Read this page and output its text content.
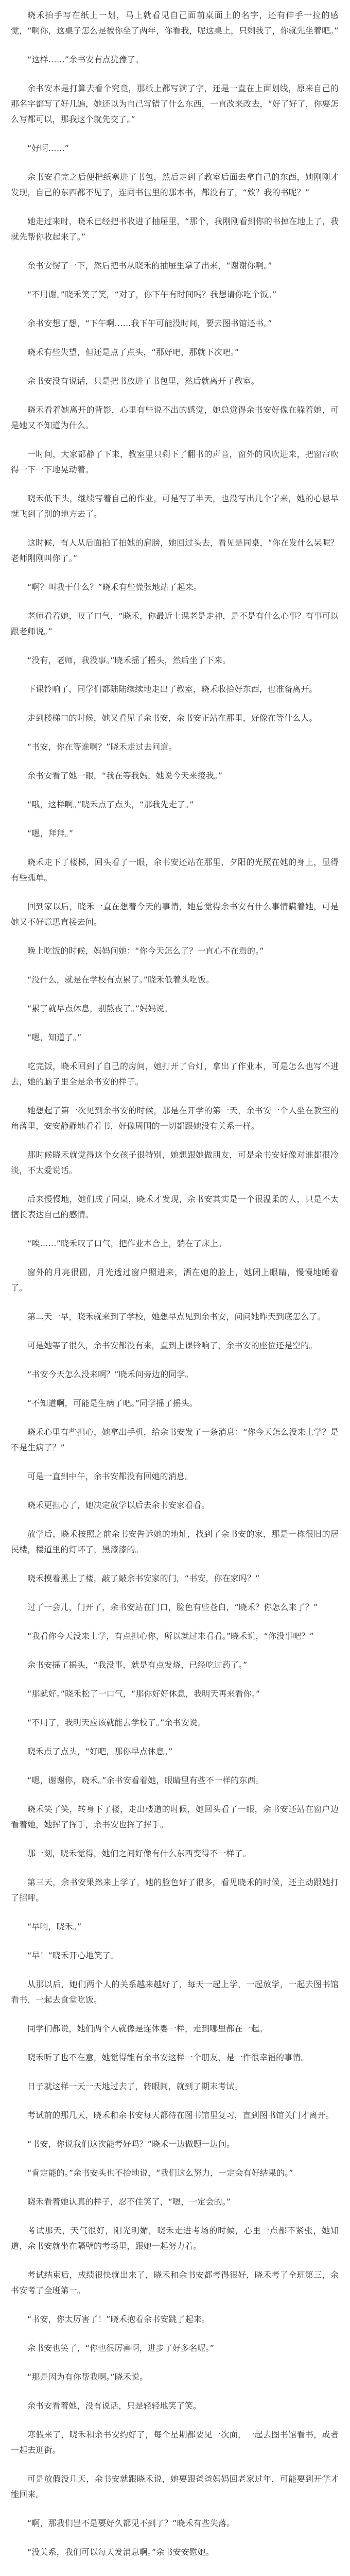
晓禾抬手写在纸上一划，马上就看见自己面前桌面上的名字，还有伸手一拉的感觉，“啊你，这桌子怎么是被你坐了两年，你看我，呢这桌上，只剩我了，你就先坐着吧。”

“这样……”余书安有点犹豫了。

余书安本是打算去看个究竟，那纸上都写满了字，还是一直在上面划线，原来自己的那名字都写了好几遍，她还以为自己写错了什么东西，一直改来改去，“好了好了，你要怎么写都可以，那我这个就先交了。”

“好啊……”

余书安看完之后便把纸塞进了书包，然后走到了教室后面去拿自己的东西，她刚刚才发现，自己的东西都不见了，连同书包里的那本书，都没有了，“欸？我的书呢？”

她走过来时，晓禾已经把书收进了抽屉里，“那个，我刚刚看到你的书掉在地上了，我就先帮你收起来了。”

余书安愣了一下，然后把书从晓禾的抽屉里拿了出来，“谢谢你啊。”

“不用谢。”晓禾笑了笑，“对了，你下午有时间吗？我想请你吃个饭。”

余书安想了想，“下午啊……我下午可能没时间，要去图书馆还书。”

晓禾有些失望，但还是点了点头，“那好吧，那就下次吧。”

余书安没有说话，只是把书放进了书包里，然后就离开了教室。

晓禾看着她离开的背影，心里有些说不出的感觉，她总觉得余书安好像在躲着她，可是她又不知道为什么。

一时间，大家都静了下来，教室里只剩下了翻书的声音，窗外的风吹进来，把窗帘吹得一下一下地晃动着。

晓禾低下头，继续写着自己的作业，可是写了半天，也没写出几个字来，她的心思早就飞到了别的地方去了。

这时候，有人从后面拍了拍她的肩膀，她回过头去，看见是同桌，“你在发什么呆呢？老师刚刚叫你了。”

“啊？叫我干什么？”晓禾有些慌张地站了起来。

老师看着她，叹了口气，“晓禾，你最近上课老是走神，是不是有什么心事？有事可以跟老师说。”

“没有，老师，我没事。”晓禾摇了摇头，然后坐了下来。

下课铃响了，同学们都陆陆续续地走出了教室，晓禾收拾好东西，也准备离开。

走到楼梯口的时候，她又看见了余书安，余书安正站在那里，好像在等什么人。

“书安，你在等谁啊？”晓禾走过去问道。

余书安看了她一眼，“我在等我妈，她说今天来接我。”

“哦，这样啊。”晓禾点了点头，“那我先走了。”

“嗯，拜拜。”

晓禾走下了楼梯，回头看了一眼，余书安还站在那里，夕阳的光照在她的身上，显得有些孤单。

回到家以后，晓禾一直在想着今天的事情，她总觉得余书安有什么事情瞒着她，可是她又不好意思直接去问。

晚上吃饭的时候，妈妈问她：“你今天怎么了？一直心不在焉的。”

“没什么，就是在学校有点累了。”晓禾低着头吃饭。

“累了就早点休息，别熬夜了。”妈妈说。

“嗯，知道了。”

吃完饭，晓禾回到了自己的房间，她打开了台灯，拿出了作业本，可是怎么也写不进去，她的脑子里全是余书安的样子。

她想起了第一次见到余书安的时候，那是在开学的第一天，余书安一个人坐在教室的角落里，安安静静地看着书，好像周围的一切都跟她没有关系一样。

那时候晓禾就觉得这个女孩子很特别，她想跟她做朋友，可是余书安好像对谁都很冷淡，不太爱说话。

后来慢慢地，她们成了同桌，晓禾才发现，余书安其实是一个很温柔的人，只是不太擅长表达自己的感情。

“唉……”晓禾叹了口气，把作业本合上，躺在了床上。

窗外的月亮很圆，月光透过窗户照进来，洒在她的脸上，她闭上眼睛，慢慢地睡着了。

第二天一早，晓禾就来到了学校，她想早点见到余书安，问问她昨天到底怎么了。

可是她等了很久，余书安都没有来，直到上课铃响了，余书安的座位还是空的。

“书安今天怎么没来啊？”晓禾问旁边的同学。

“不知道啊，可能是生病了吧。”同学摇了摇头。

晓禾心里有些担心，她拿出手机，给余书安发了一条消息：“你今天怎么没来上学？是不是生病了？”

可是一直到中午，余书安都没有回她的消息。

晓禾更担心了，她决定放学以后去余书安家看看。

放学后，晓禾按照之前余书安告诉她的地址，找到了余书安的家，那是一栋很旧的居民楼，楼道里的灯坏了，黑漆漆的。

晓禾摸着黑上了楼，敲了敲余书安家的门，“书安，你在家吗？”

过了一会儿，门开了，余书安站在门口，脸色有些苍白，“晓禾？你怎么来了？”

“我看你今天没来上学，有点担心你，所以就过来看看。”晓禾说，“你没事吧？”

余书安摇了摇头，“我没事，就是有点发烧，已经吃过药了。”

“那就好。”晓禾松了一口气，“那你好好休息，我明天再来看你。”

“不用了，我明天应该就能去学校了。”余书安说。

晓禾点了点头，“好吧，那你早点休息。”

“嗯，谢谢你，晓禾。”余书安看着她，眼睛里有些不一样的东西。

晓禾笑了笑，转身下了楼，走出楼道的时候，她回头看了一眼，余书安还站在窗户边看着她，她挥了挥手，余书安也挥了挥手。

那一刻，晓禾觉得，她们之间好像有什么东西变得不一样了。

第三天，余书安果然来上学了，她的脸色好了很多，看见晓禾的时候，还主动跟她打了招呼。

“早啊，晓禾。”

“早！”晓禾开心地笑了。

从那以后，她们两个人的关系越来越好了，每天一起上学，一起放学，一起去图书馆看书，一起去食堂吃饭。

同学们都说，她们两个人就像是连体婴一样，走到哪里都在一起。

晓禾听了也不在意，她觉得能有余书安这样一个朋友，是一件很幸福的事情。

日子就这样一天一天地过去了，转眼间，就到了期末考试。

考试前的那几天，晓禾和余书安每天都待在图书馆里复习，直到图书馆关门才离开。

“书安，你说我们这次能考好吗？”晓禾一边做题一边问。

“肯定能的。”余书安头也不抬地说，“我们这么努力，一定会有好结果的。”

晓禾看着她认真的样子，忍不住笑了，“嗯，一定会的。”

考试那天，天气很好，阳光明媚，晓禾走进考场的时候，心里一点都不紧张，她知道，余书安就坐在隔壁的考场里，跟她一起努力着。

考试结束后，成绩很快就出来了，晓禾和余书安都考得很好，晓禾考了全班第三，余书安考了全班第一。

“书安，你太厉害了！”晓禾抱着余书安跳了起来。

余书安也笑了，“你也很厉害啊，进步了好多名呢。”

“那是因为有你帮我啊。”晓禾说。

余书安看着她，没有说话，只是轻轻地笑了笑。

寒假来了，晓禾和余书安约好了，每个星期都要见一次面，一起去图书馆看书，或者一起去逛街。

可是放假没几天，余书安就跟晓禾说，她要跟爸爸妈妈回老家过年，可能要到开学才能回来。

“啊，那我们岂不是要好久都见不到了？”晓禾有些失落。

“没关系，我们可以每天发消息啊。”余书安安慰她。
